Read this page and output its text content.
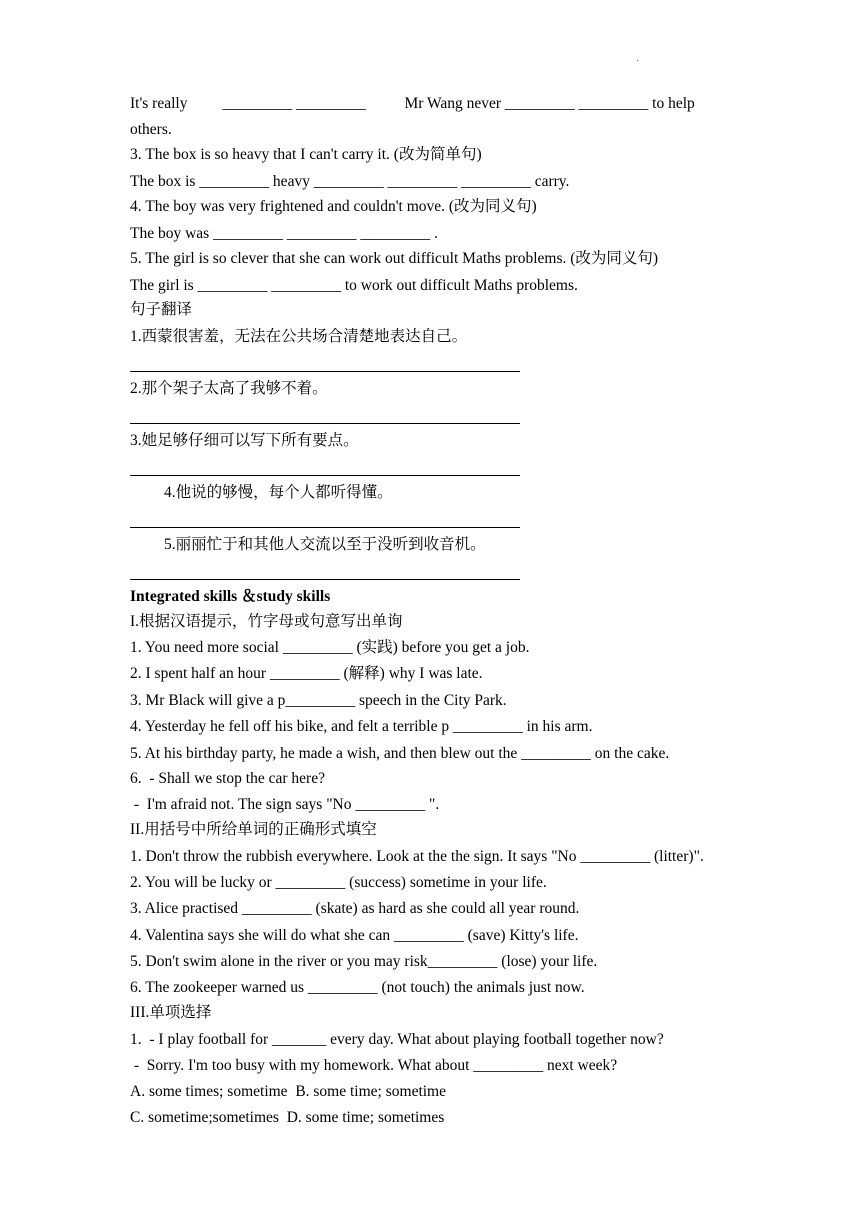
·
It's really         _________ _________          Mr Wang never _________ _________ to help
others.
3. The box is so heavy that I can't carry it. (改为简单句)
The box is _________ heavy _________ _________ _________ carry.
4. The boy was very frightened and couldn't move. (改为同义句)
The boy was _________ _________ _________ .
5. The girl is so clever that she can work out difficult Maths problems. (改为同义句)
The girl is _________ _________ to work out difficult Maths problems.
句子翻译
1.西蒙很害羞，无法在公共场合清楚地表达自己。
2.那个架子太高了我够不着。
3.她足够仔细可以写下所有要点。
4.他说的够慢，每个人都听得懂。
5.丽丽忙于和其他人交流以至于没听到收音机。
Integrated skills ＆study skills
I.根据汉语提示，竹字母或句意写出单询
1. You need more social _________ (实践) before you get a job.
2. I spent half an hour _________ (解释) why I was late.
3. Mr Black will give a p_________ speech in the City Park.
4. Yesterday he fell off his bike, and felt a terrible p _________ in his arm.
5. At his birthday party, he made a wish, and then blew out the _________ on the cake.
6.  - Shall we stop the car here?
-  I'm afraid not. The sign says "No _________ ".
II.用括号中所给单词的正确形式填空
1. Don't throw the rubbish everywhere. Look at the the sign. It says "No _________ (litter)".
2. You will be lucky or _________ (success) sometime in your life.
3. Alice practised _________ (skate) as hard as she could all year round.
4. Valentina says she will do what she can _________ (save) Kitty's life.
5. Don't swim alone in the river or you may risk_________ (lose) your life.
6. The zookeeper warned us _________ (not touch) the animals just now.
III.单项选择
1.  - I play football for _______ every day. What about playing football together now?
-  Sorry. I'm too busy with my homework. What about _________ next week?
A. some times; sometime  B. some time; sometime
C. sometime;sometimes  D. some time; sometimes
